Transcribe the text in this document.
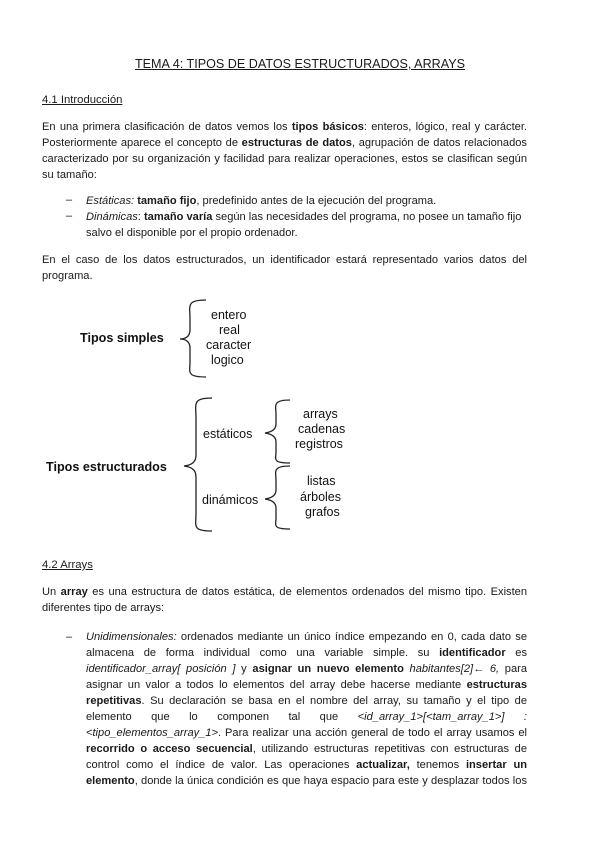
TEMA 4: TIPOS DE DATOS ESTRUCTURADOS, ARRAYS
4.1 Introducción
En una primera clasificación de datos vemos los tipos básicos: enteros, lógico, real y carácter.
Posteriormente aparece el concepto de estructuras de datos, agrupación de datos relacionados
caracterizado por su organización y facilidad para realizar operaciones, estos se clasifican según
su tamaño:
– Estáticas: tamaño fijo, predefinido antes de la ejecución del programa.
– Dinámicas: tamaño varía según las necesidades del programa, no posee un tamaño fijo
salvo el disponible por el propio ordenador.
En el caso de los datos estructurados, un identificador estará representado varios datos del
programa.
Tipos simples
entero
real
caracter
logico
Tipos estructurados
estáticos
dinámicos
arrays
cadenas
registros
listas
árboles
grafos
4.2 Arrays
Un array es una estructura de datos estática, de elementos ordenados del mismo tipo. Existen
diferentes tipo de arrays:
– Unidimensionales: ordenados mediante un único índice empezando en 0, cada dato se
almacena de forma individual como una variable simple. su identificador es
identificador_array[ posición ] y asignar un nuevo elemento habitantes[2]← 6, para
asignar un valor a todos lo elementos del array debe hacerse mediante estructuras
repetitivas. Su declaración se basa en el nombre del array, su tamaño y el tipo de
elemento que lo componen tal que <id_array_1>[<tam_array_1>] :
<tipo_elementos_array_1>. Para realizar una acción general de todo el array usamos el
recorrido o acceso secuencial, utilizando estructuras repetitivas con estructuras de
control como el índice de valor. Las operaciones actualizar, tenemos insertar un
elemento, donde la única condición es que haya espacio para este y desplazar todos los
